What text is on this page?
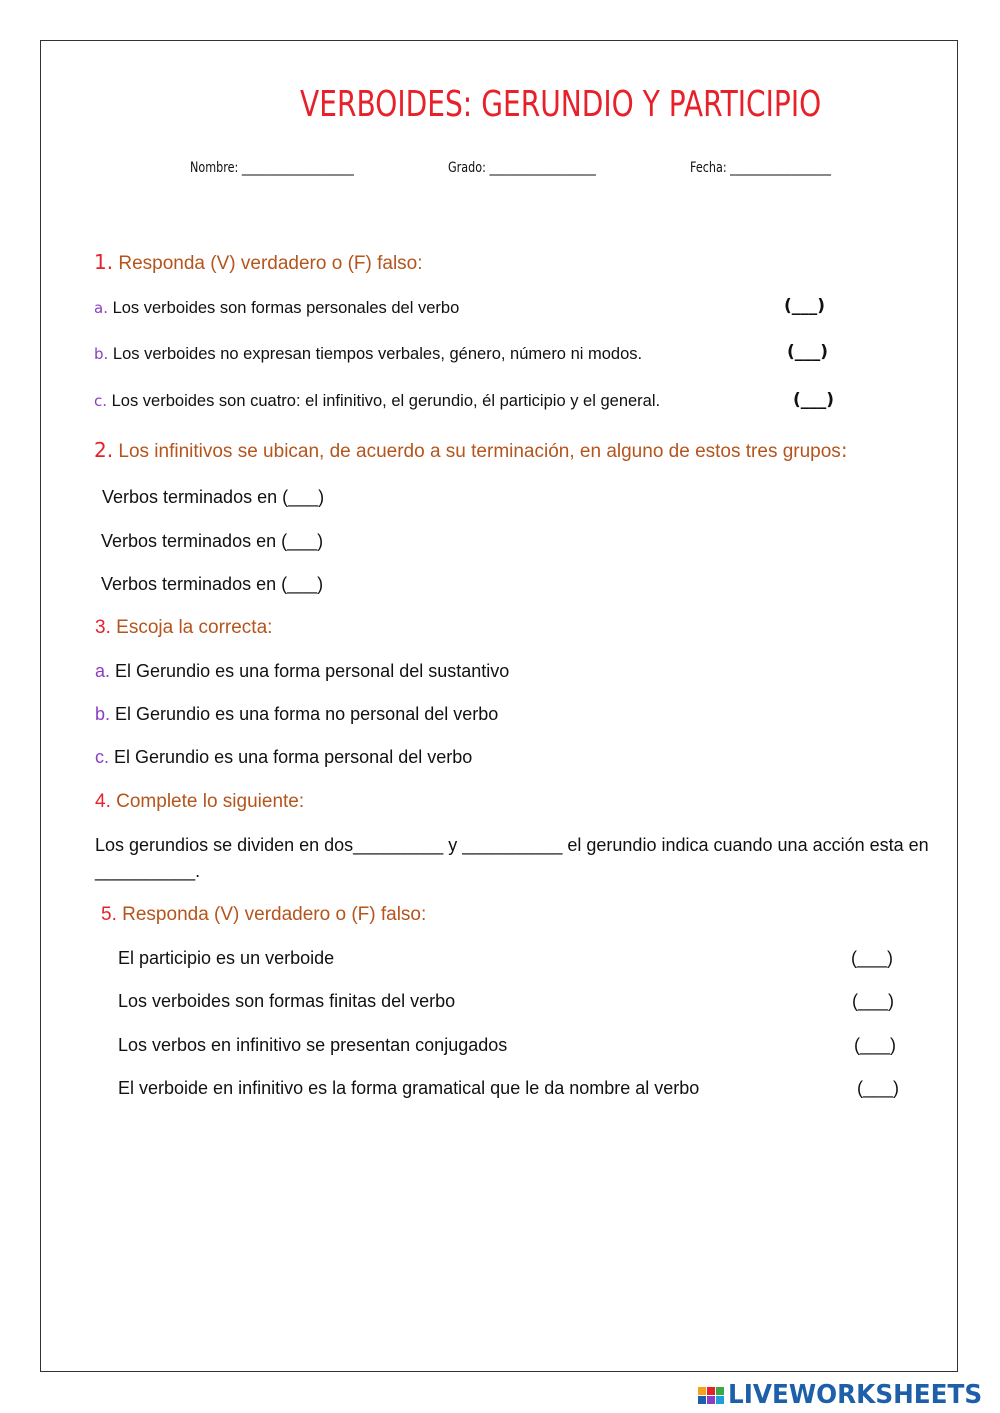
VERBOIDES: GERUNDIO Y PARTICIPIO
Nombre: ____________________	Grado: ___________________	Fecha: __________________
1. Responda (V) verdadero o (F) falso:
a. Los verboides son formas personales del verbo	(___)
b. Los verboides no expresan tiempos verbales, género, número ni modos.	(___)
c. Los verboides son cuatro: el infinitivo, el gerundio, él participio y el general.	(___)
2. Los infinitivos se ubican, de acuerdo a su terminación, en alguno de estos tres grupos:
Verbos terminados en (___)
Verbos terminados en (___)
Verbos terminados en (___)
3. Escoja la correcta:
a. El Gerundio es una forma personal del sustantivo
b. El Gerundio es una forma no personal del verbo
c. El Gerundio es una forma personal del verbo
4. Complete lo siguiente:
Los gerundios se dividen en dos_________ y __________ el gerundio indica cuando una acción esta en __________.
5. Responda (V) verdadero o (F) falso:
El participio es un verboide	(___)
Los verboides son formas finitas del verbo	(___)
Los verbos en infinitivo se presentan conjugados	(___)
El verboide en infinitivo es la forma gramatical que le da nombre al verbo	(___)
LIVEWORKSHEETS
